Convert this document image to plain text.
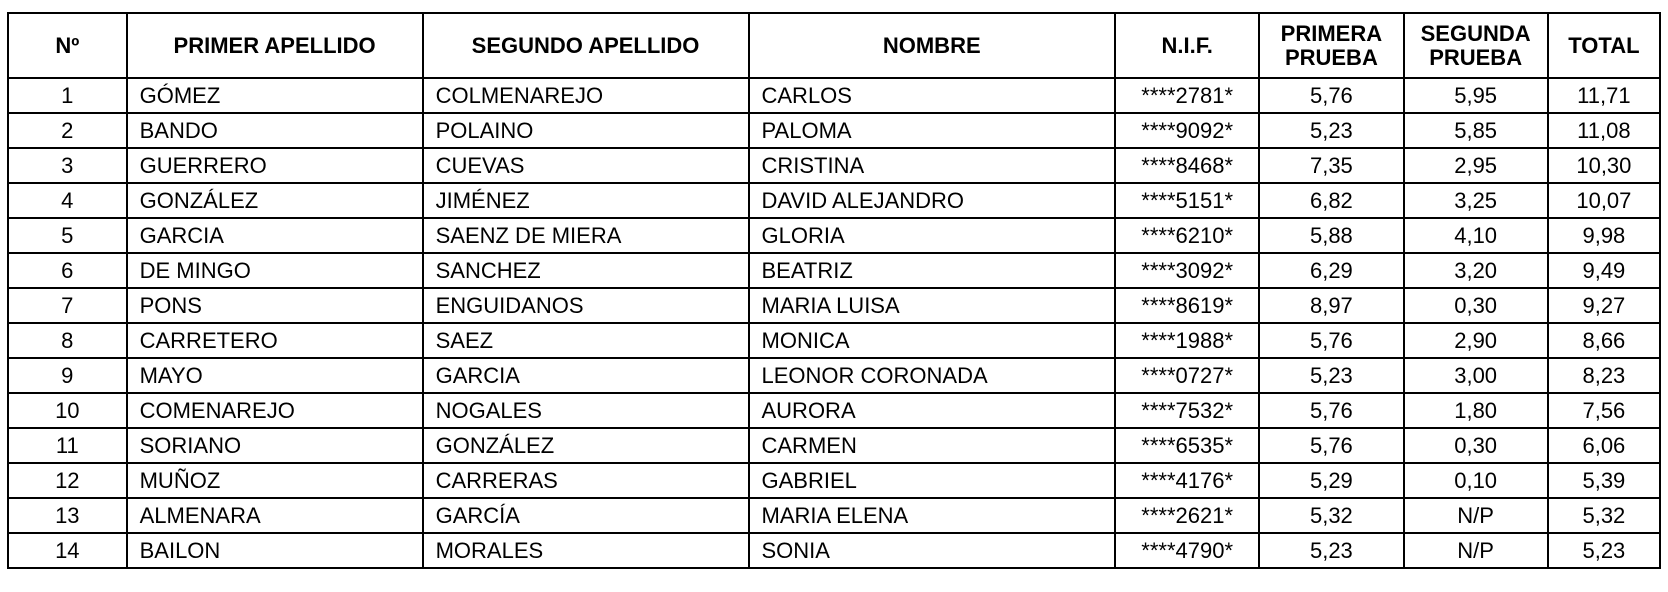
Nº	PRIMER APELLIDO	SEGUNDO APELLIDO	NOMBRE	N.I.F.	PRIMERA PRUEBA	SEGUNDA PRUEBA	TOTAL
1	GÓMEZ	COLMENAREJO	CARLOS	****2781*	5,76	5,95	11,71
2	BANDO	POLAINO	PALOMA	****9092*	5,23	5,85	11,08
3	GUERRERO	CUEVAS	CRISTINA	****8468*	7,35	2,95	10,30
4	GONZÁLEZ	JIMÉNEZ	DAVID ALEJANDRO	****5151*	6,82	3,25	10,07
5	GARCIA	SAENZ DE MIERA	GLORIA	****6210*	5,88	4,10	9,98
6	DE MINGO	SANCHEZ	BEATRIZ	****3092*	6,29	3,20	9,49
7	PONS	ENGUIDANOS	MARIA LUISA	****8619*	8,97	0,30	9,27
8	CARRETERO	SAEZ	MONICA	****1988*	5,76	2,90	8,66
9	MAYO	GARCIA	LEONOR CORONADA	****0727*	5,23	3,00	8,23
10	COMENAREJO	NOGALES	AURORA	****7532*	5,76	1,80	7,56
11	SORIANO	GONZÁLEZ	CARMEN	****6535*	5,76	0,30	6,06
12	MUÑOZ	CARRERAS	GABRIEL	****4176*	5,29	0,10	5,39
13	ALMENARA	GARCÍA	MARIA ELENA	****2621*	5,32	N/P	5,32
14	BAILON	MORALES	SONIA	****4790*	5,23	N/P	5,23
